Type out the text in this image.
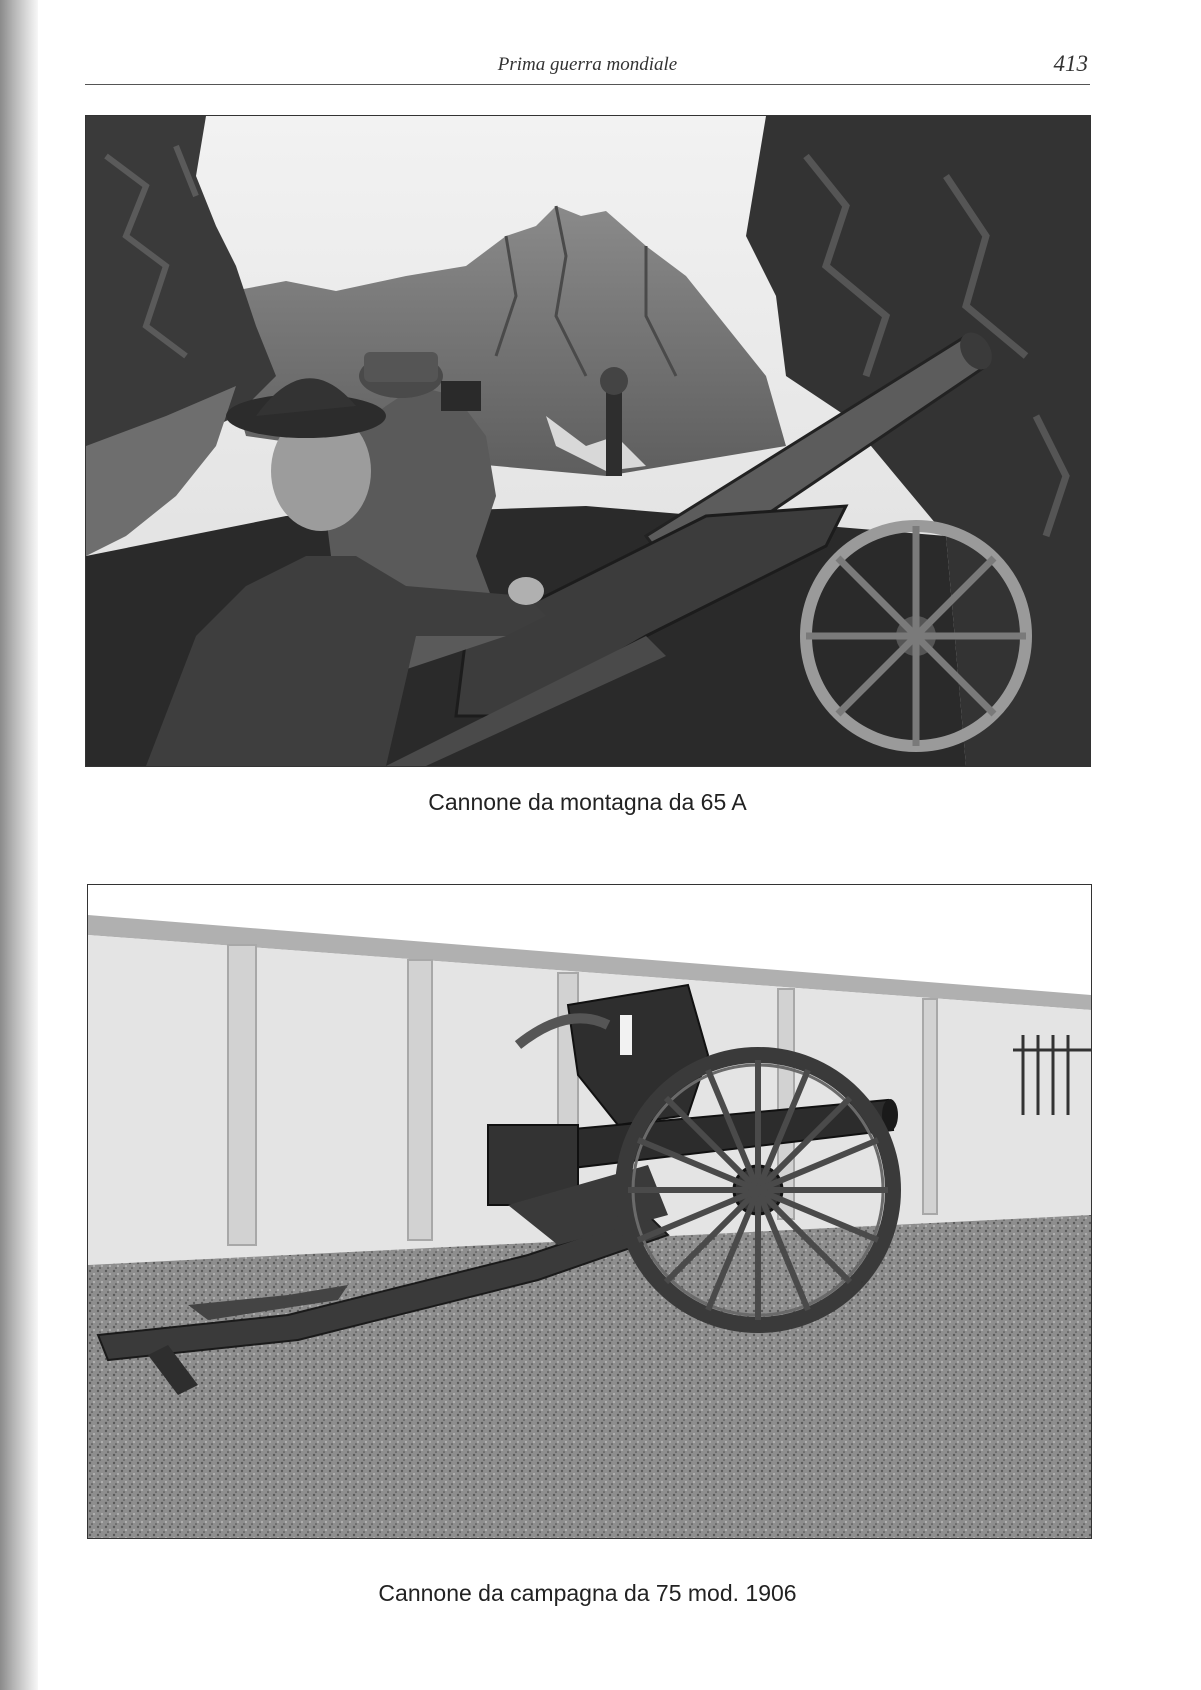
Prima guerra mondiale	413
Cannone da montagna da 65 A
Cannone da campagna da 75 mod. 1906
